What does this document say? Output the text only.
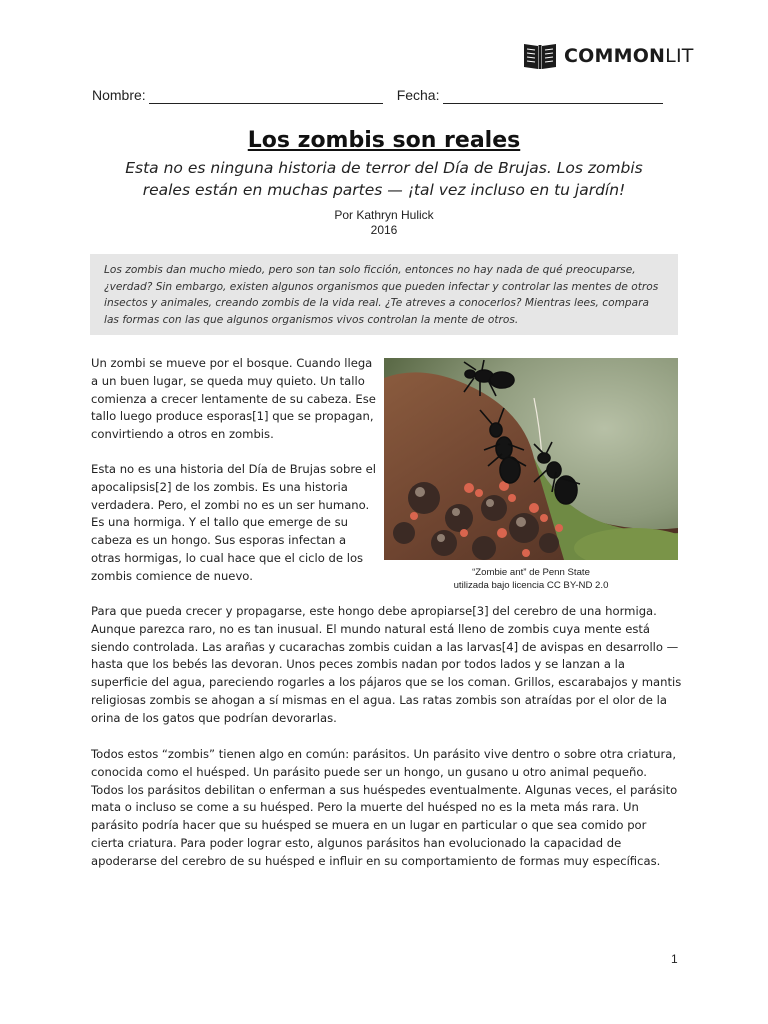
COMMONLIT
Nombre:	Fecha:
Los zombis son reales
Esta no es ninguna historia de terror del Día de Brujas. Los zombis reales están en muchas partes — ¡tal vez incluso en tu jardín!
Por Kathryn Hulick
2016

Los zombis dan mucho miedo, pero son tan solo ficción, entonces no hay nada de qué preocuparse, ¿verdad? Sin embargo, existen algunos organismos que pueden infectar y controlar las mentes de otros insectos y animales, creando zombis de la vida real. ¿Te atreves a conocerlos? Mientras lees, compara las formas con las que algunos organismos vivos controlan la mente de otros.

Un zombi se mueve por el bosque. Cuando llega a un buen lugar, se queda muy quieto. Un tallo comienza a crecer lentamente de su cabeza. Ese tallo luego produce esporas[1] que se propagan, convirtiendo a otros en zombis.

Esta no es una historia del Día de Brujas sobre el apocalipsis[2] de los zombis. Es una historia verdadera. Pero, el zombi no es un ser humano. Es una hormiga. Y el tallo que emerge de su cabeza es un hongo. Sus esporas infectan a otras hormigas, lo cual hace que el ciclo de los zombis comience de nuevo.	“Zombie ant” de Penn State
utilizada bajo licencia CC BY-ND 2.0

Para que pueda crecer y propagarse, este hongo debe apropiarse[3] del cerebro de una hormiga. Aunque parezca raro, no es tan inusual. El mundo natural está lleno de zombis cuya mente está siendo controlada. Las arañas y cucarachas zombis cuidan a las larvas[4] de avispas en desarrollo — hasta que los bebés las devoran. Unos peces zombis nadan por todos lados y se lanzan a la superficie del agua, pareciendo rogarles a los pájaros que se los coman. Grillos, escarabajos y mantis religiosas zombis se ahogan a sí mismas en el agua. Las ratas zombis son atraídas por el olor de la orina de los gatos que podrían devorarlas.

Todos estos “zombis” tienen algo en común: parásitos. Un parásito vive dentro o sobre otra criatura, conocida como el huésped. Un parásito puede ser un hongo, un gusano u otro animal pequeño. Todos los parásitos debilitan o enferman a sus huéspedes eventualmente. Algunas veces, el parásito mata o incluso se come a su huésped. Pero la muerte del huésped no es la meta más rara. Un parásito podría hacer que su huésped se muera en un lugar en particular o que sea comido por cierta criatura. Para poder lograr esto, algunos parásitos han evolucionado la capacidad de apoderarse del cerebro de su huésped e influir en su comportamiento de formas muy específicas.

1
